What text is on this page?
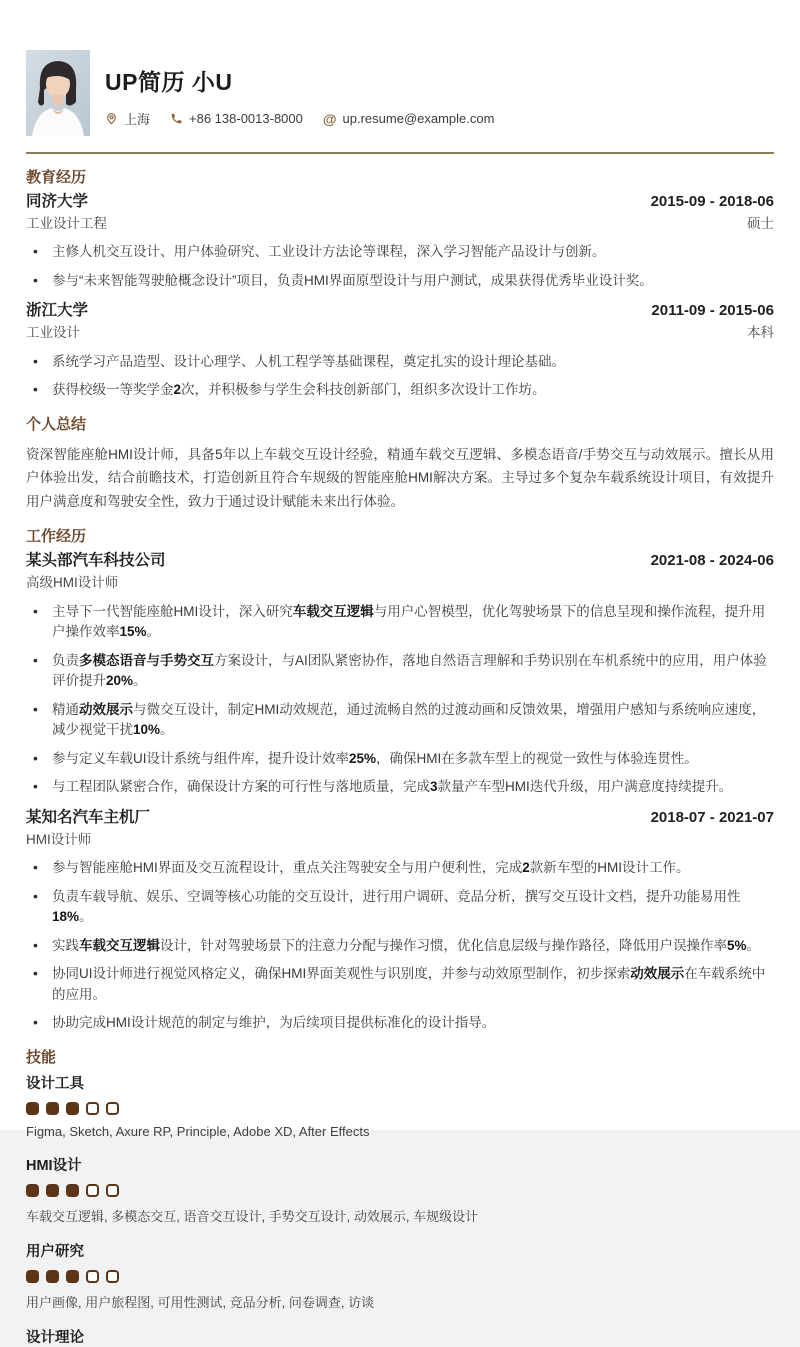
UP简历 小U
上海	+86 138-0013-8000 @ up.resume@example.com
教育经历
同济大学	2015-09 - 2018-06
工业设计工程	硕士
• 主修人机交互设计、用户体验研究、工业设计方法论等课程，深入学习智能产品设计与创新。
• 参与“未来智能驾驶舱概念设计”项目，负责HMI界面原型设计与用户测试，成果获得优秀毕业设计奖。
浙江大学	2011-09 - 2015-06
工业设计	本科
• 系统学习产品造型、设计心理学、人机工程学等基础课程，奠定扎实的设计理论基础。
• 获得校级一等奖学金2次，并积极参与学生会科技创新部门，组织多次设计工作坊。
个人总结
资深智能座舱HMI设计师，具备5年以上车载交互设计经验，精通车载交互逻辑、多模态语音/手势交互与动效展示。擅长从用户体验出发，结合前瞻技术，打造创新且符合车规级的智能座舱HMI解决方案。主导过多个复杂车载系统设计项目，有效提升用户满意度和驾驶安全性，致力于通过设计赋能未来出行体验。
工作经历
某头部汽车科技公司	2021-08 - 2024-06
高级HMI设计师
• 主导下一代智能座舱HMI设计，深入研究车载交互逻辑与用户心智模型，优化驾驶场景下的信息呈现和操作流程，提升用户操作效率15%。
• 负责多模态语音与手势交互方案设计，与AI团队紧密协作，落地自然语言理解和手势识别在车机系统中的应用，用户体验评价提升20%。
• 精通动效展示与微交互设计，制定HMI动效规范，通过流畅自然的过渡动画和反馈效果，增强用户感知与系统响应速度，减少视觉干扰10%。
• 参与定义车载UI设计系统与组件库，提升设计效率25%，确保HMI在多款车型上的视觉一致性与体验连贯性。
• 与工程团队紧密合作，确保设计方案的可行性与落地质量，完成3款量产车型HMI迭代升级，用户满意度持续提升。
某知名汽车主机厂	2018-07 - 2021-07
HMI设计师
• 参与智能座舱HMI界面及交互流程设计，重点关注驾驶安全与用户便利性，完成2款新车型的HMI设计工作。
• 负责车载导航、娱乐、空调等核心功能的交互设计，进行用户调研、竞品分析，撰写交互设计文档，提升功能易用性18%。
• 实践车载交互逻辑设计，针对驾驶场景下的注意力分配与操作习惯，优化信息层级与操作路径，降低用户误操作率5%。
• 协同UI设计师进行视觉风格定义，确保HMI界面美观性与识别度，并参与动效原型制作，初步探索动效展示在车载系统中的应用。
• 协助完成HMI设计规范的制定与维护，为后续项目提供标准化的设计指导。
技能
设计工具
Figma, Sketch, Axure RP, Principle, Adobe XD, After Effects
HMI设计
车载交互逻辑, 多模态交互, 语音交互设计, 手势交互设计, 动效展示, 车规级设计
用户研究
用户画像, 用户旅程图, 可用性测试, 竞品分析, 问卷调查, 访谈
设计理论
